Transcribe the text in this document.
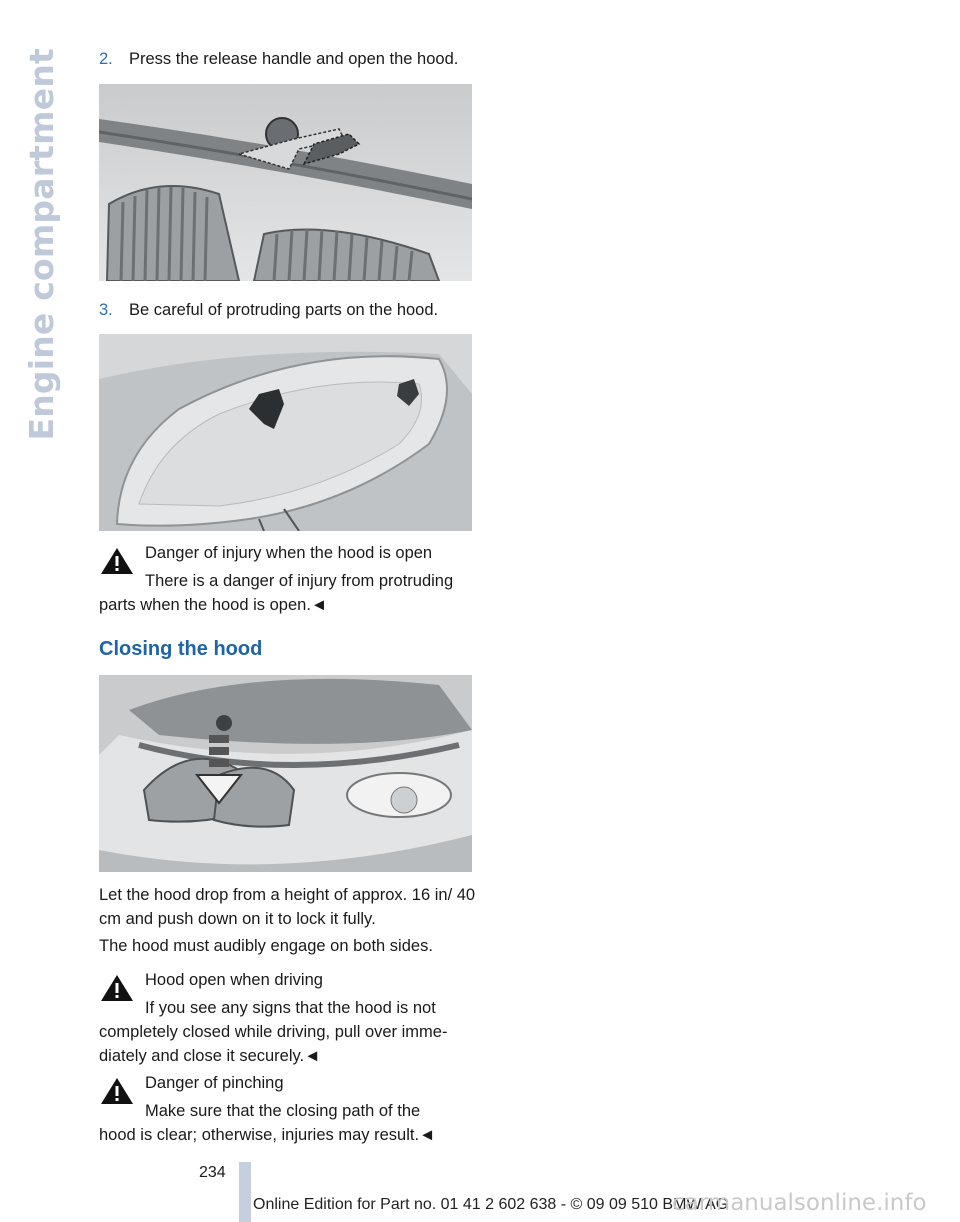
Engine compartment 2. Press the release handle and open the hood.
3. Be careful of protruding parts on the hood.
Danger of injury when the hood is open
There is a danger of injury from protruding
parts when the hood is open.◄
Closing the hood
Let the hood drop from a height of approx. 16 in/ 40 cm and push down on it to lock it fully.
The hood must audibly engage on both sides.
Hood open when driving
If you see any signs that the hood is not
completely closed while driving, pull over imme-diately and close it securely.◄
Danger of pinching
Make sure that the closing path of the
hood is clear; otherwise, injuries may result.◄
234
Online Edition for Part no. 01 41 2 602 638 - © 09 09 510 BMW AG
carmanualsonline.info
